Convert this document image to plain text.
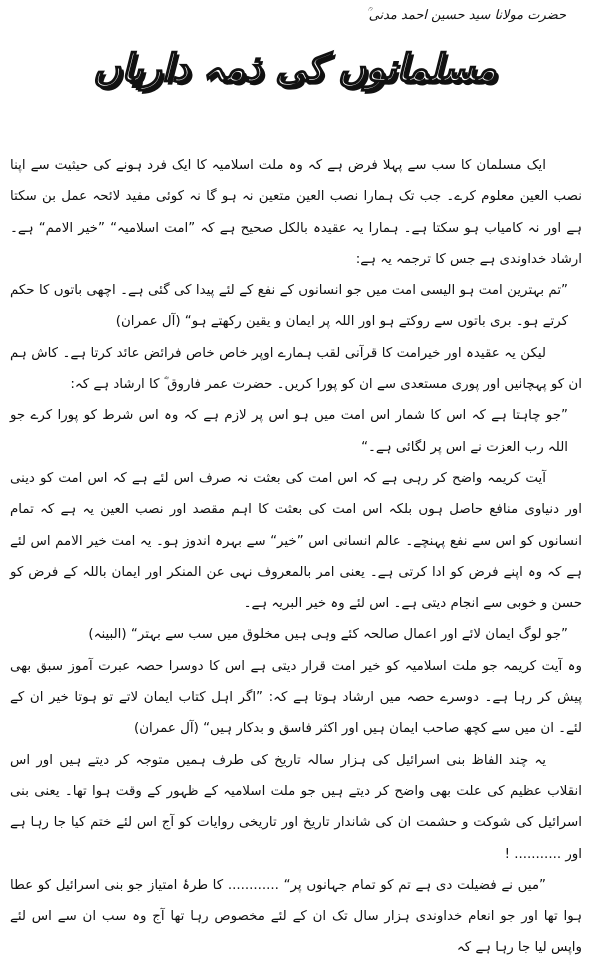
حضرت مولانا سید حسین احمد مدنی ؒ
مسلمانوں کی ذمہ داریاں

ایک مسلمان کا سب سے پہلا فرض ہے کہ وہ ملت اسلامیہ کا ایک فرد ہونے کی حیثیت سے اپنا نصب العین معلوم کرے۔ جب تک ہمارا نصب العین متعین نہ ہو گا نہ کوئی مفید لائحہ عمل بن سکتا ہے اور نہ کامیاب ہو سکتا ہے۔ ہمارا یہ عقیدہ بالکل صحیح ہے کہ ”امت اسلامیہ“ ”خیر الامم“ ہے۔ ارشاد خداوندی ہے جس کا ترجمہ یہ ہے:

”تم بہترین امت ہو الیسی امت میں جو انسانوں کے نفع کے لئے پیدا کی گئی ہے۔ اچھی باتوں کا حکم کرتے ہو۔ بری باتوں سے روکتے ہو اور اللہ پر ایمان و یقین رکھتے ہو“ (آل عمران)

لیکن یہ عقیدہ اور خیرامت کا قرآنی لقب ہمارے اوپر خاص خاص فرائض عائد کرتا ہے۔ کاش ہم ان کو پہچانیں اور پوری مستعدی سے ان کو پورا کریں۔ حضرت عمر فاروق ؓ کا ارشاد ہے کہ:

”جو چاہتا ہے کہ اس کا شمار اس امت میں ہو اس پر لازم ہے کہ وہ اس شرط کو پورا کرے جو اللہ رب العزت نے اس پر لگائی ہے۔“

آیت کریمہ واضح کر رہی ہے کہ اس امت کی بعثت نہ صرف اس لئے ہے کہ اس امت کو دینی اور دنیاوی منافع حاصل ہوں بلکہ اس امت کی بعثت کا اہم مقصد اور نصب العین یہ ہے کہ تمام انسانوں کو اس سے نفع پہنچے۔ عالم انسانی اس ”خیر“ سے بہرہ اندوز ہو۔ یہ امت خیر الامم اس لئے ہے کہ وہ اپنے فرض کو ادا کرتی ہے۔ یعنی امر بالمعروف نہی عن المنکر اور ایمان باللہ کے فرض کو حسن و خوبی سے انجام دیتی ہے۔ اس لئے وہ خیر البریہ ہے۔

”جو لوگ ایمان لائے اور اعمال صالحہ کئے وہی ہیں مخلوق میں سب سے بہتر“ (البینہ)

وہ آیت کریمہ جو ملت اسلامیہ کو خیر امت قرار دیتی ہے اس کا دوسرا حصہ عبرت آموز سبق بھی پیش کر رہا ہے۔ دوسرے حصہ میں ارشاد ہوتا ہے کہ: ”اگر اہل کتاب ایمان لاتے تو ہوتا خیر ان کے لئے۔ ان میں سے کچھ صاحب ایمان ہیں اور اکثر فاسق و بدکار ہیں“ (آل عمران)

یہ چند الفاظ بنی اسرائیل کی ہزار سالہ تاریخ کی طرف ہمیں متوجہ کر دیتے ہیں اور اس انقلاب عظیم کی علت بھی واضح کر دیتے ہیں جو ملت اسلامیہ کے ظہور کے وقت ہوا تھا۔ یعنی بنی اسرائیل کی شوکت و حشمت ان کی شاندار تاریخ اور تاریخی روایات کو آج اس لئے ختم کیا جا رہا ہے اور ........... !

”میں نے فضیلت دی ہے تم کو تمام جہانوں پر“ ............ کا طرۂ امتیاز جو بنی اسرائیل کو عطا ہوا تھا اور جو انعام خداوندی ہزار سال تک ان کے لئے مخصوص رہا تھا آج وہ سب ان سے اس لئے واپس لیا جا رہا ہے کہ
